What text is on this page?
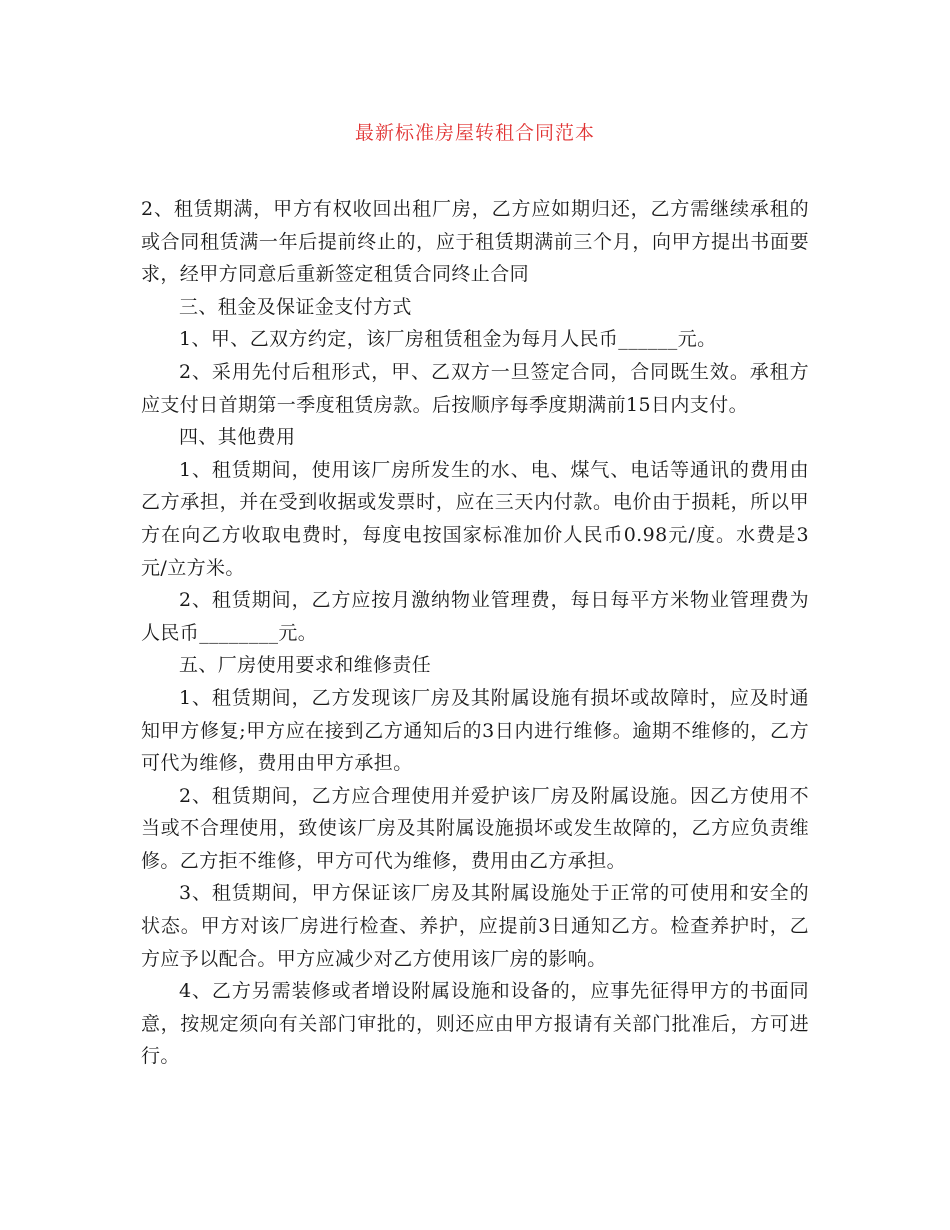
最新标准房屋转租合同范本

2、租赁期满，甲方有权收回出租厂房，乙方应如期归还，乙方需继续承租的或合同租赁满一年后提前终止的，应于租赁期满前三个月，向甲方提出书面要求，经甲方同意后重新签定租赁合同终止合同

三、租金及保证金支付方式

1、甲、乙双方约定，该厂房租赁租金为每月人民币______元。

2、采用先付后租形式，甲、乙双方一旦签定合同，合同既生效。承租方应支付日首期第一季度租赁房款。后按顺序每季度期满前15日内支付。

四、其他费用

1、租赁期间，使用该厂房所发生的水、电、煤气、电话等通讯的费用由乙方承担，并在受到收据或发票时，应在三天内付款。电价由于损耗，所以甲方在向乙方收取电费时，每度电按国家标准加价人民币0.98元/度。水费是3元/立方米。

2、租赁期间，乙方应按月激纳物业管理费，每日每平方米物业管理费为人民币________元。

五、厂房使用要求和维修责任

1、租赁期间，乙方发现该厂房及其附属设施有损坏或故障时，应及时通知甲方修复;甲方应在接到乙方通知后的3日内进行维修。逾期不维修的，乙方可代为维修，费用由甲方承担。

2、租赁期间，乙方应合理使用并爱护该厂房及附属设施。因乙方使用不当或不合理使用，致使该厂房及其附属设施损坏或发生故障的，乙方应负责维修。乙方拒不维修，甲方可代为维修，费用由乙方承担。

3、租赁期间，甲方保证该厂房及其附属设施处于正常的可使用和安全的状态。甲方对该厂房进行检查、养护，应提前3日通知乙方。检查养护时，乙方应予以配合。甲方应减少对乙方使用该厂房的影响。

4、乙方另需装修或者增设附属设施和设备的，应事先征得甲方的书面同意，按规定须向有关部门审批的，则还应由甲方报请有关部门批准后，方可进行。
